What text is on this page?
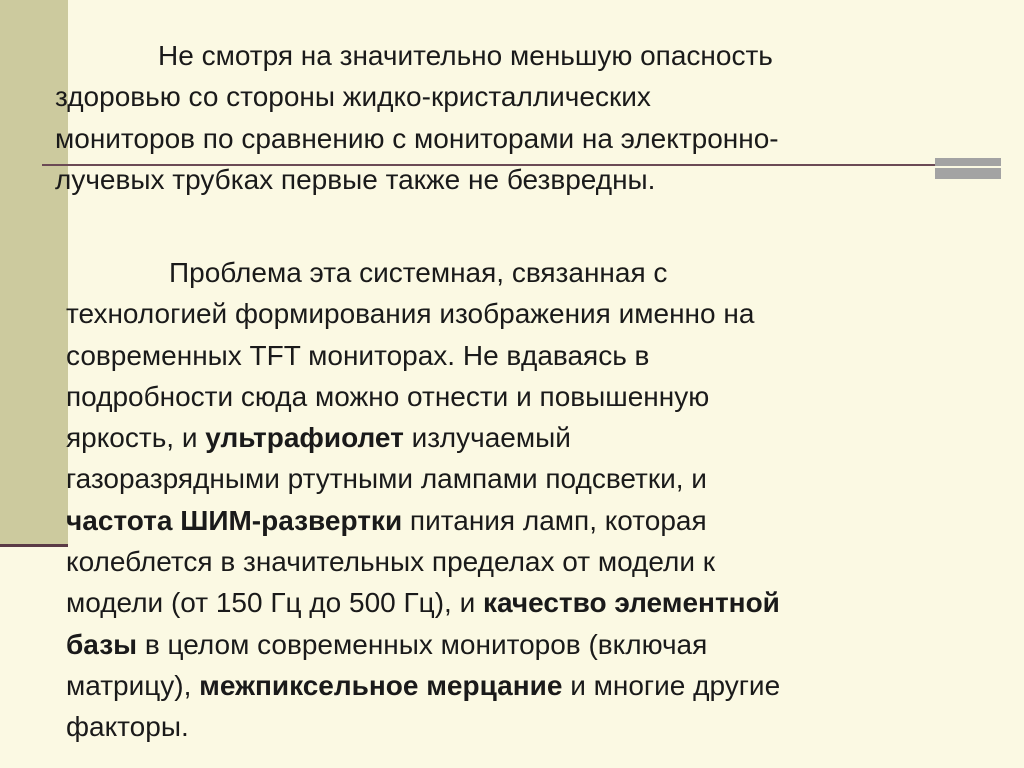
Не смотря на значительно меньшую опасность
здоровью со стороны жидко-кристаллических
мониторов по сравнению с мониторами на электронно-
лучевых трубках первые также не безвредны.
Проблема эта системная, связанная с
технологией формирования изображения именно на
современных TFT мониторах. Не вдаваясь в
подробности сюда можно отнести и повышенную
яркость, и ультрафиолет излучаемый
газоразрядными ртутными лампами подсветки, и
частота ШИМ-развертки питания ламп, которая
колеблется в значительных пределах от модели к
модели (от 150 Гц до 500 Гц), и качество элементной
базы в целом современных мониторов (включая
матрицу), межпиксельное мерцание и многие другие
факторы.
